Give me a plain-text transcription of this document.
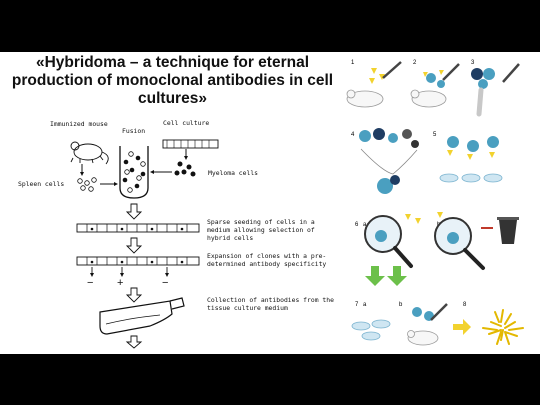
«Hybridoma – a technique for eternal production of monoclonal antibodies in cell cultures»
Immunized mouse	Cell culture
Fusion
Spleen cells
Myeloma cells
Sparse seeding of cells in a
medium allowing selection of
hybrid cells
Expansion of clones with a pre-
determined antibody specificity
− +	−
Collection of antibodies from the
tissue culture medium
1	2	3
4	5
6 a
7 a	b	8
